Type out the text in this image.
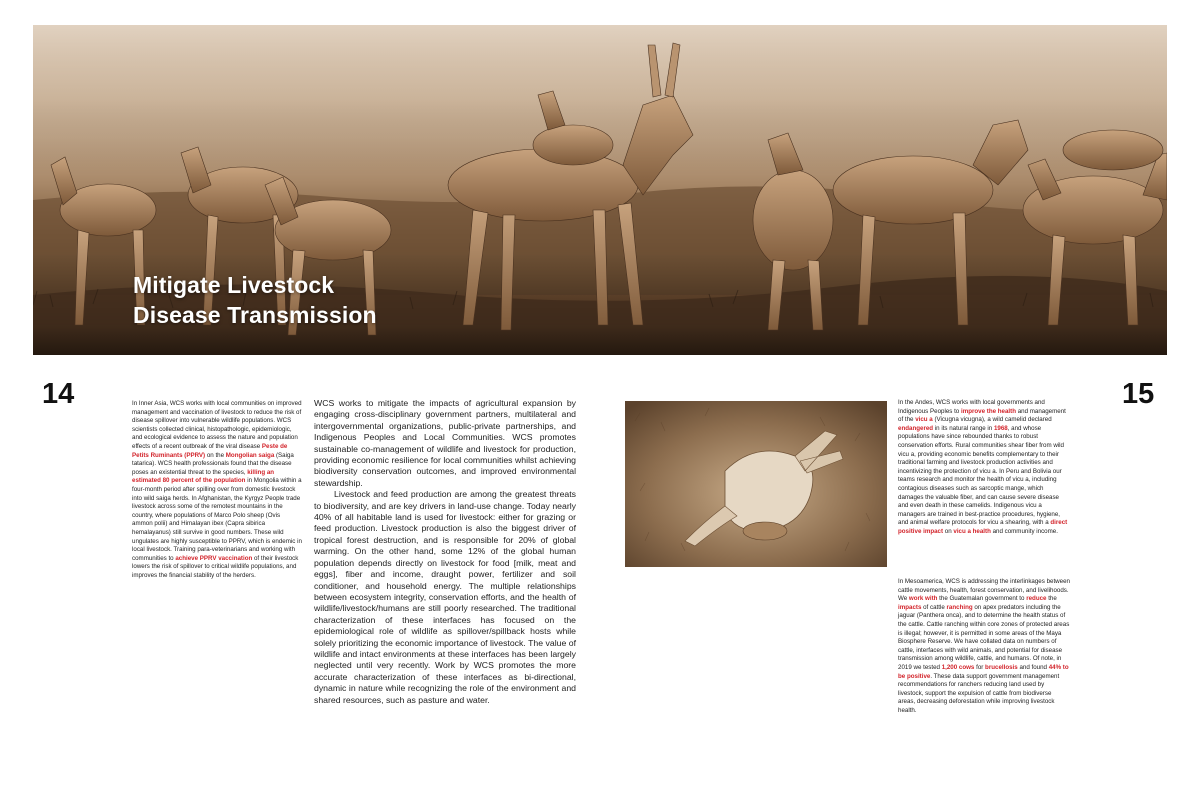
Mitigate Livestock
Disease Transmission
14	15

In Inner Asia, WCS works with local communities on improved management and vaccination of livestock to reduce the risk of disease spillover into vulnerable wildlife populations. WCS scientists collected clinical, histopathologic, epidemiologic, and ecological evidence to assess the nature and population effects of a recent outbreak of the viral disease Peste de Petits Ruminants (PPRV) on the Mongolian saiga (Saiga tatarica). WCS health professionals found that the disease poses an existential threat to the species, killing an estimated 80 percent of the population in Mongolia within a four-month period after spilling over from domestic livestock into wild saiga herds. In Afghanistan, the Kyrgyz People trade livestock across some of the remotest mountains in the country, where populations of Marco Polo sheep (Ovis ammon polii) and Himalayan ibex (Capra sibirica hemalayanus) still survive in good numbers. These wild ungulates are highly susceptible to PPRV, which is endemic in local livestock. Training para-veterinarians and working with communities to achieve PPRV vaccination of their livestock lowers the risk of spillover to critical wildlife populations, and improves the financial stability of the herders.

WCS works to mitigate the impacts of agricultural expansion by engaging cross-disciplinary government partners, multilateral and intergovernmental organizations, public-private partnerships, and Indigenous Peoples and Local Communities. WCS promotes sustainable co-management of wildlife and livestock for production, providing economic resilience for local communities whilst achieving biodiversity conservation outcomes, and improved environmental stewardship.

Livestock and feed production are among the greatest threats to biodiversity, and are key drivers in land-use change. Today nearly 40% of all habitable land is used for livestock: either for grazing or feed production. Livestock production is also the biggest driver of tropical forest destruction, and is responsible for 20% of global warming. On the other hand, some 12% of the global human population depends directly on livestock for food [milk, meat and eggs], fiber and income, draught power, fertilizer and soil conditioner, and household energy. The multiple relationships between ecosystem integrity, conservation efforts, and the health of wildlife/livestock/humans are still poorly researched. The traditional characterization of these interfaces has focused on the epidemiological role of wildlife as spillover/spillback hosts while solely prioritizing the economic importance of livestock. The value of wildlife and intact environments at these interfaces has been largely neglected until very recently. Work by WCS promotes the more accurate characterization of these interfaces as bi-directional, dynamic in nature while recognizing the role of the environment and shared resources, such as pasture and water.

In the Andes, WCS works with local governments and Indigenous Peoples to improve the health and management of the vicu a (Vicugna vicugna), a wild camelid declared endangered in its natural range in 1968, and whose populations have since rebounded thanks to robust conservation efforts. Rural communities shear fiber from wild vicu a, providing economic benefits complementary to their traditional farming and livestock production activities and incentivizing the protection of vicu a. In Peru and Bolivia our teams research and monitor the health of vicu a, including contagious diseases such as sarcoptic mange, which damages the valuable fiber, and can cause severe disease and even death in these camelids. Indigenous vicu a managers are trained in best-practice procedures, hygiene, and animal welfare protocols for vicu a shearing, with a direct positive impact on vicu a health and community income.

In Mesoamerica, WCS is addressing the interlinkages between cattle movements, health, forest conservation, and livelihoods. We work with the Guatemalan government to reduce the impacts of cattle ranching on apex predators including the jaguar (Panthera onca), and to determine the health status of the cattle. Cattle ranching within core zones of protected areas is illegal; however, it is permitted in some areas of the Maya Biosphere Reserve. We have collated data on numbers of cattle, interfaces with wild animals, and potential for disease transmission among wildlife, cattle, and humans. Of note, in 2019 we tested 1,200 cows for brucellosis and found 44% to be positive. These data support government management recommendations for ranchers reducing land used by livestock, support the expulsion of cattle from biodiverse areas, decreasing deforestation while improving livestock health.
